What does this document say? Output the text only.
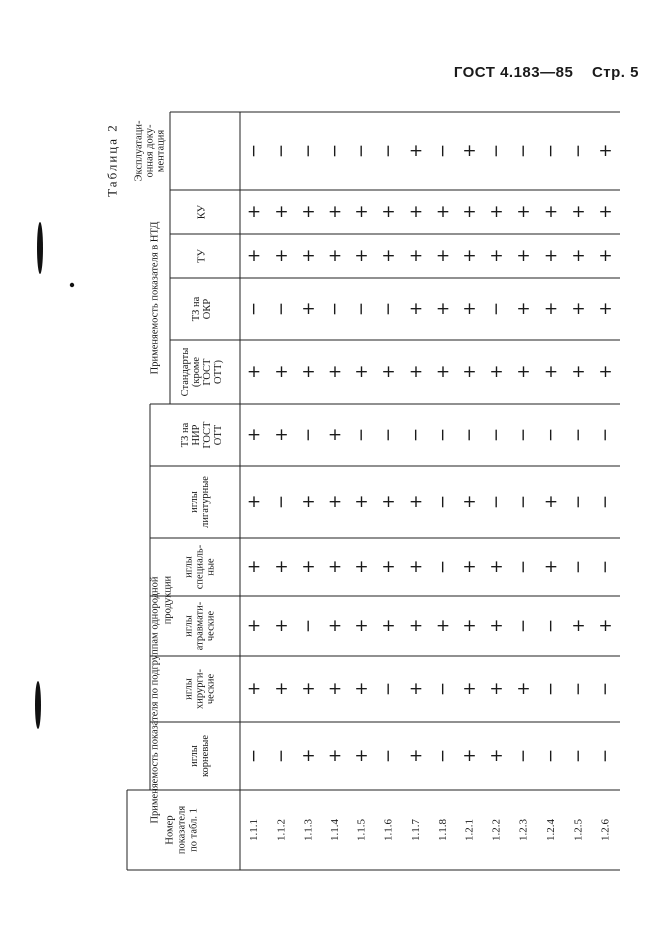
ГОСТ 4.183—85 Стр. 5
Таблица 2
Применяемость показателя по подгруппам однородной продукции
Применяемость показателя в НТД
иглы корневые
иглы хирурги- ческие
иглы атравмати- ческие
иглы специаль- ные
иглы лигатурные
ТЗ на НИР ГОСТ ОТТ
Стандарты (кроме ГОСТ ОТТ)
ТЗ на ОКР
ТУ
КУ
Эксплуатаци- онная доку- ментация
Номер показателя по табл. 1	1.1.1
−
+
+
+
+
+
+
−
+
+
−
1.1.2
−
+
+
+
−
+
+
−
+
+
−
1.1.3
+
+
−
+
+
−
+
+
+
+
−
1.1.4
+
+
+
+
+
+
+
−
+
+
−
1.1.5
+
+
+
+
+
−
+
−
+
+
−
1.1.6
−
−
+
+
+
−
+
−
+
+
−
1.1.7
+
+
+
+
+
−
+
+
+
+
+
1.1.8
−
−
+
−
−
−
+
+
+
+
−
1.2.1
+
+
+
+
+
−
+
+
+
+
+
1.2.2
+
+
+
+
−
−
+
−
+
+
−
1.2.3
−
+
−
−
−
−
+
+
+
+
−
1.2.4
−
−
−
+
+
−
+
+
+
+
−
1.2.5
−
−
+
−
−
−
+
+
+
+
−
1.2.6
−
−
+
−
−
−
+
+
+
+
+
